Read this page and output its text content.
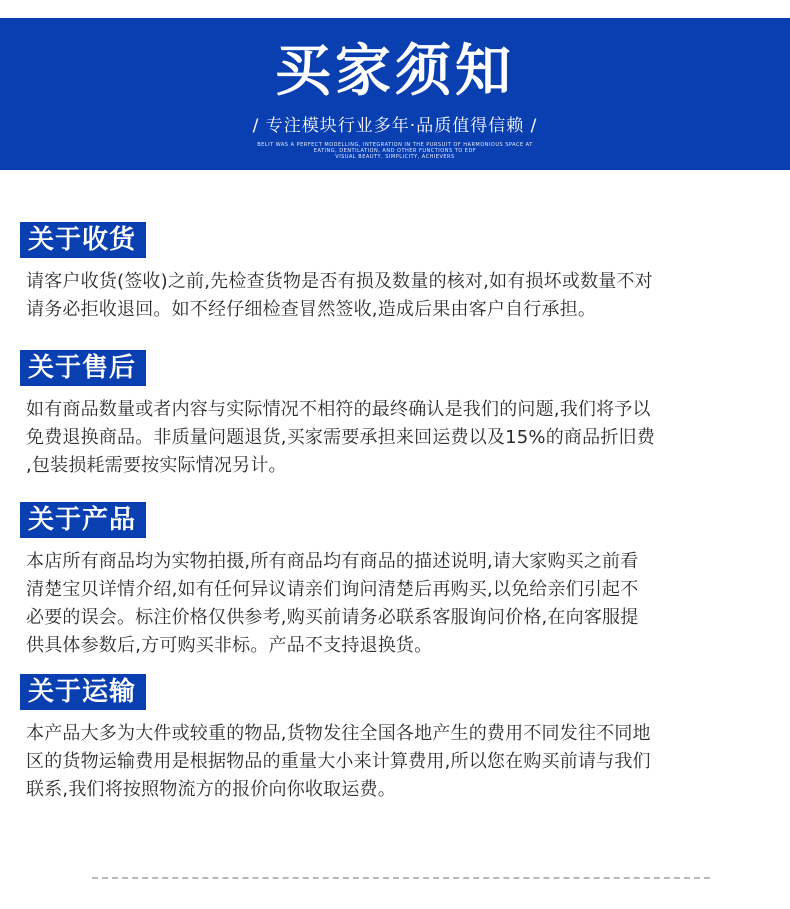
买家须知
/ 专注模块行业多年·品质值得信赖 /
BELIT WAS A PERFECT MODELLING, INTEGRATION IN THE PURSUIT OF HARMONIOUS SPACE AT
EATING, DENTILATION, AND OTHER FUNCTIONS TO EDF
VISUAL BEAUTY, SIMPLICITY, ACHIEVERS
关于收货
请客户收货(签收)之前,先检查货物是否有损及数量的核对,如有损坏或数量不对
请务必拒收退回。如不经仔细检查冒然签收,造成后果由客户自行承担。
关于售后
如有商品数量或者内容与实际情况不相符的最终确认是我们的问题,我们将予以
免费退换商品。非质量问题退货,买家需要承担来回运费以及15%的商品折旧费
,包装损耗需要按实际情况另计。
关于产品
本店所有商品均为实物拍摄,所有商品均有商品的描述说明,请大家购买之前看
清楚宝贝详情介绍,如有任何异议请亲们询问清楚后再购买,以免给亲们引起不
必要的误会。标注价格仅供参考,购买前请务必联系客服询问价格,在向客服提
供具体参数后,方可购买非标。产品不支持退换货。
关于运输
本产品大多为大件或较重的物品,货物发往全国各地产生的费用不同发往不同地
区的货物运输费用是根据物品的重量大小来计算费用,所以您在购买前请与我们
联系,我们将按照物流方的报价向你收取运费。
